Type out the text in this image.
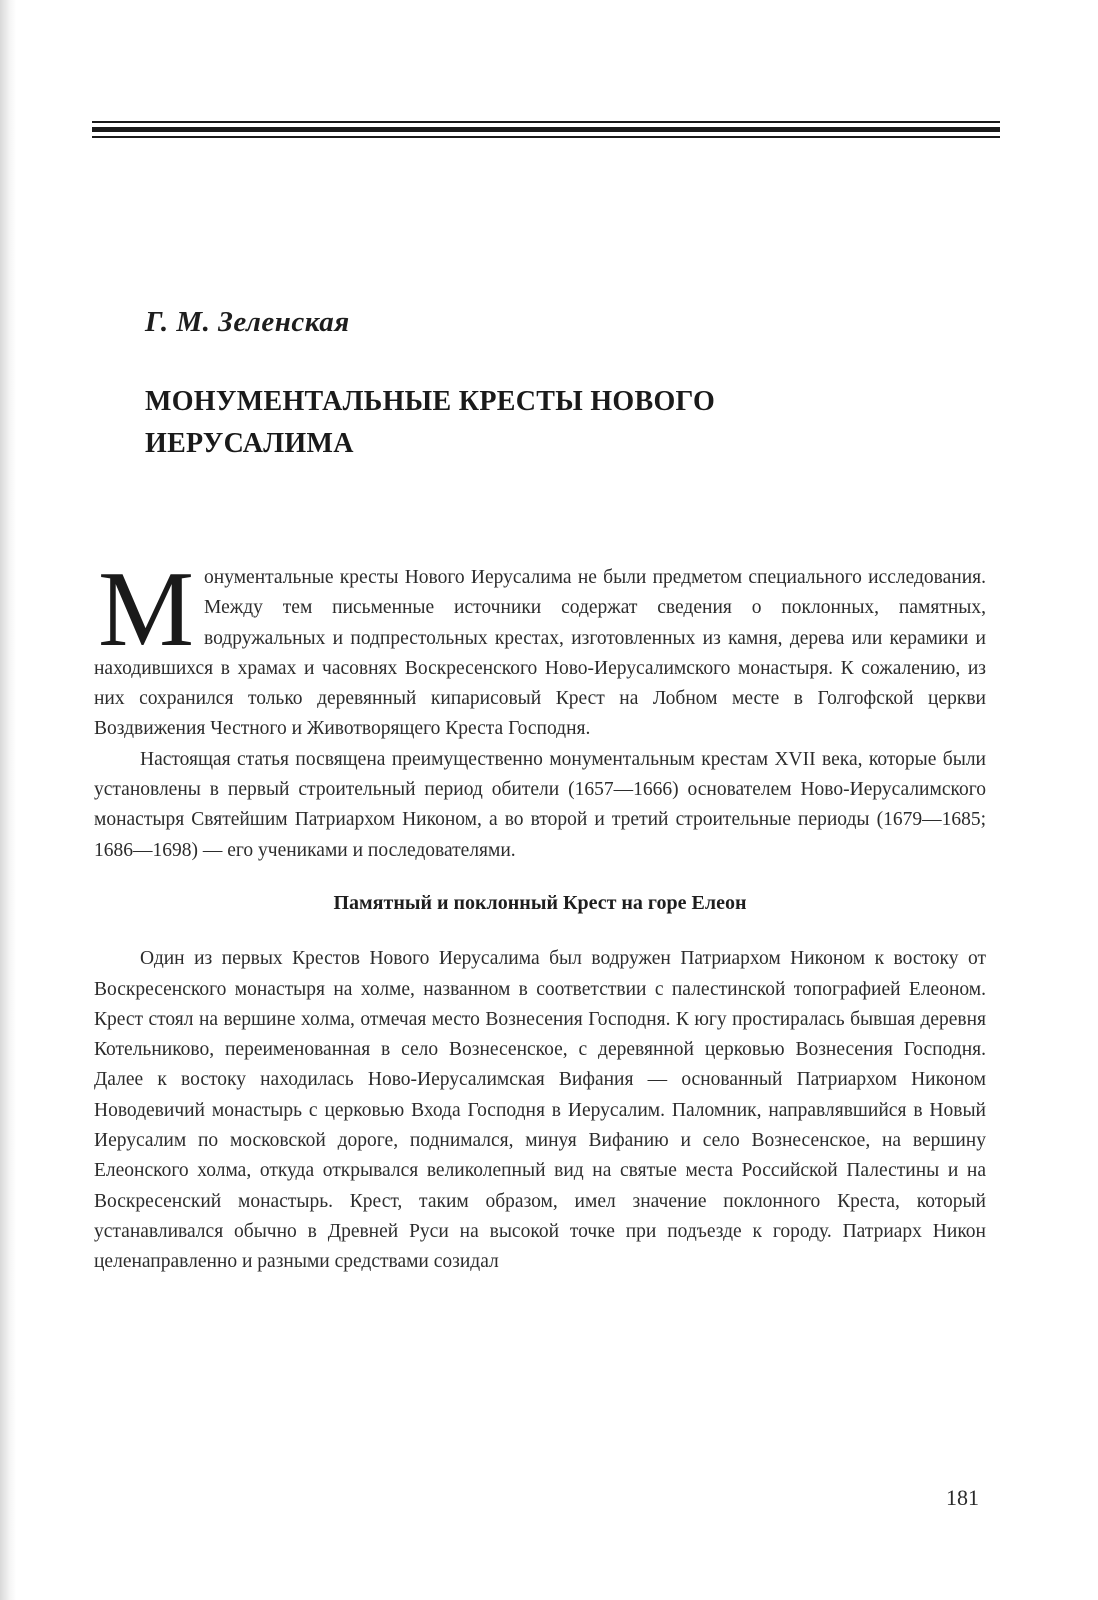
Г. М. Зеленская
МОНУМЕНТАЛЬНЫЕ КРЕСТЫ НОВОГО ИЕРУСАЛИМА

Монументальные кресты Нового Иерусалима не были предметом специального исследования. Между тем письменные источники содержат сведения о поклонных, памятных, водружальных и подпрестольных крестах, изготовленных из камня, дерева или керамики и находившихся в храмах и часовнях Воскресенского Ново-Иерусалимского монастыря. К сожалению, из них сохранился только деревянный кипарисовый Крест на Лобном месте в Голгофской церкви Воздвижения Честного и Животворящего Креста Господня.

Настоящая статья посвящена преимущественно монументальным крестам XVII века, которые были установлены в первый строительный период обители (1657—1666) основателем Ново-Иерусалимского монастыря Святейшим Патриархом Никоном, а во второй и третий строительные периоды (1679—1685; 1686—1698) — его учениками и последователями.

Памятный и поклонный Крест на горе Елеон

Один из первых Крестов Нового Иерусалима был водружен Патриархом Никоном к востоку от Воскресенского монастыря на холме, названном в соответствии с палестинской топографией Елеоном. Крест стоял на вершине холма, отмечая место Вознесения Господня. К югу простиралась бывшая деревня Котельниково, переименованная в село Вознесенское, с деревянной церковью Вознесения Господня. Далее к востоку находилась Ново-Иерусалимская Вифания — основанный Патриархом Никоном Новодевичий монастырь с церковью Входа Господня в Иерусалим. Паломник, направлявшийся в Новый Иерусалим по московской дороге, поднимался, минуя Вифанию и село Вознесенское, на вершину Елеонского холма, откуда открывался великолепный вид на святые места Российской Палестины и на Воскресенский монастырь. Крест, таким образом, имел значение поклонного Креста, который устанавливался обычно в Древней Руси на высокой точке при подъезде к городу. Патриарх Никон целенаправленно и разными средствами созидал

181
